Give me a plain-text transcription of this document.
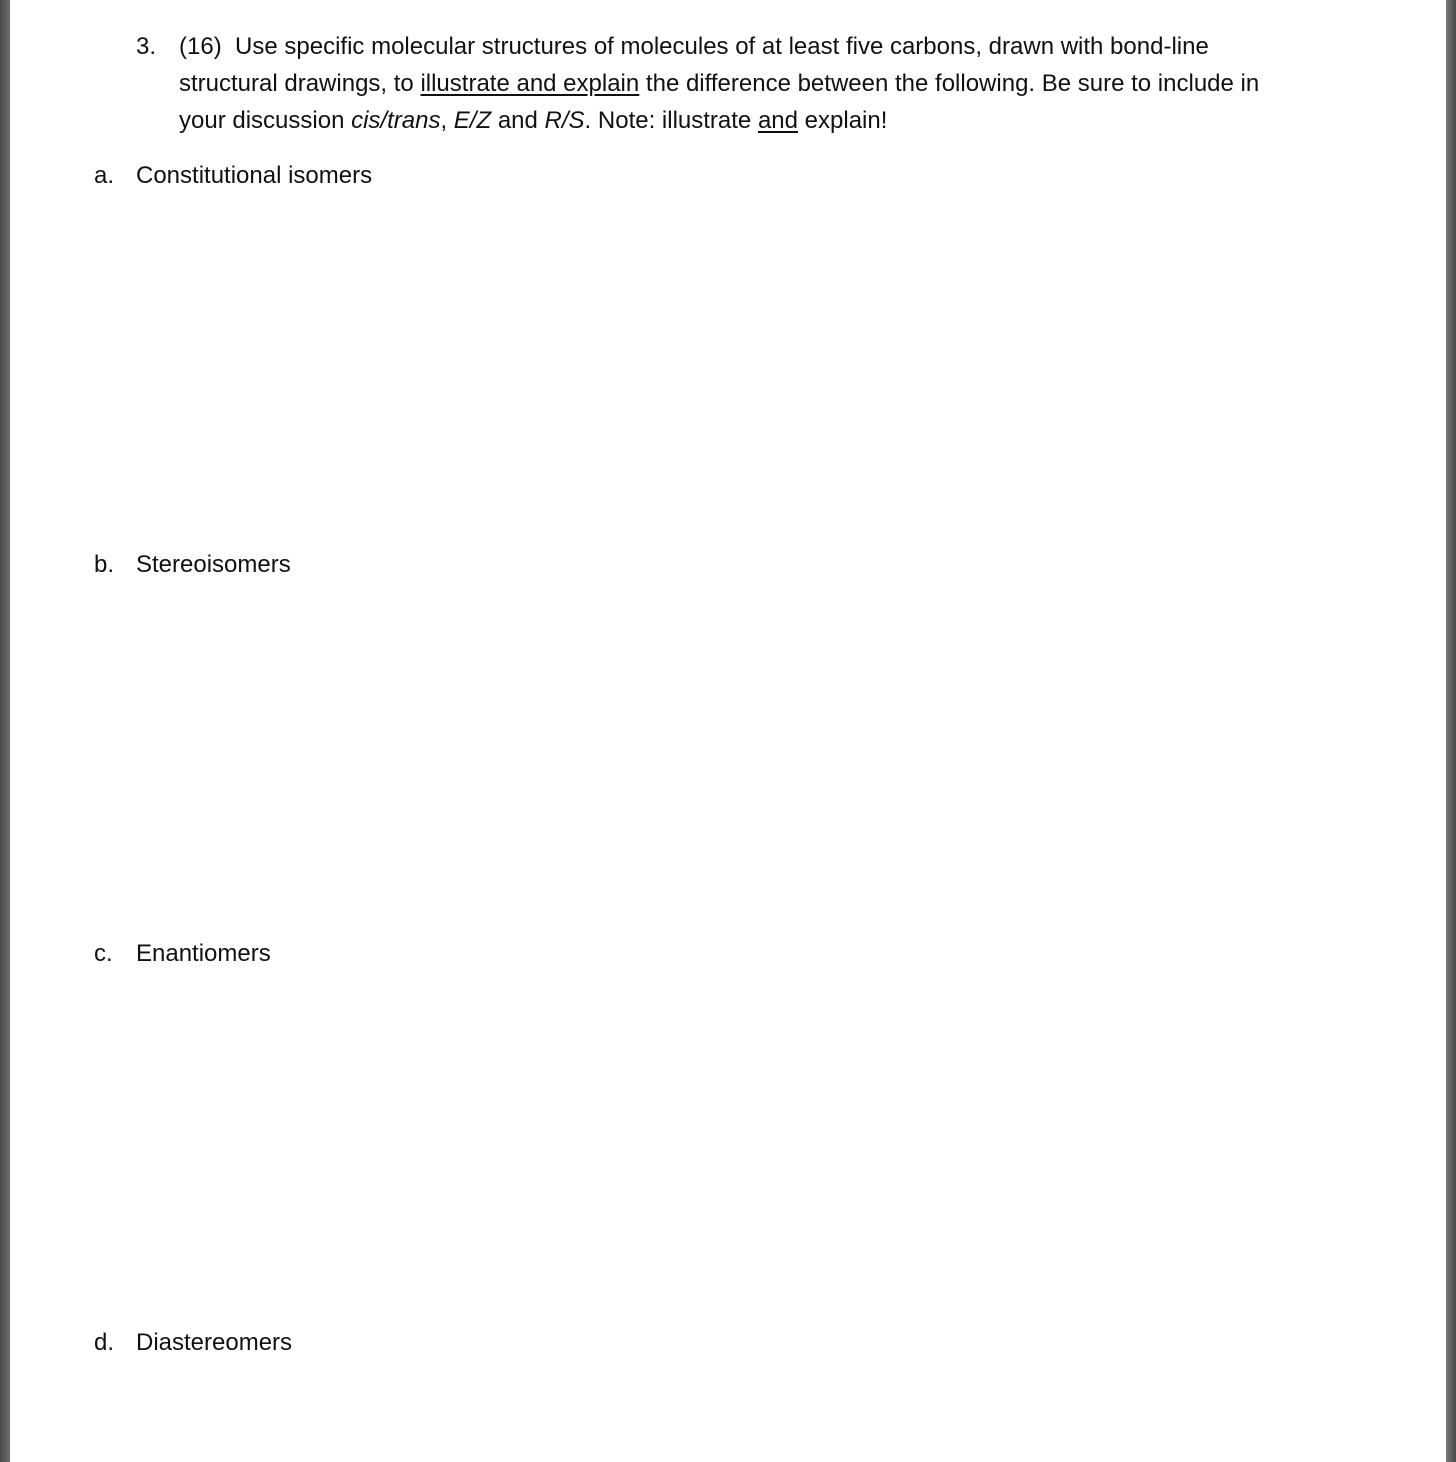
3. (16) Use specific molecular structures of molecules of at least five carbons, drawn with bond-line structural drawings, to illustrate and explain the difference between the following. Be sure to include in your discussion cis/trans, E/Z and R/S. Note: illustrate and explain!
a. Constitutional isomers
b. Stereoisomers
c. Enantiomers
d. Diastereomers
